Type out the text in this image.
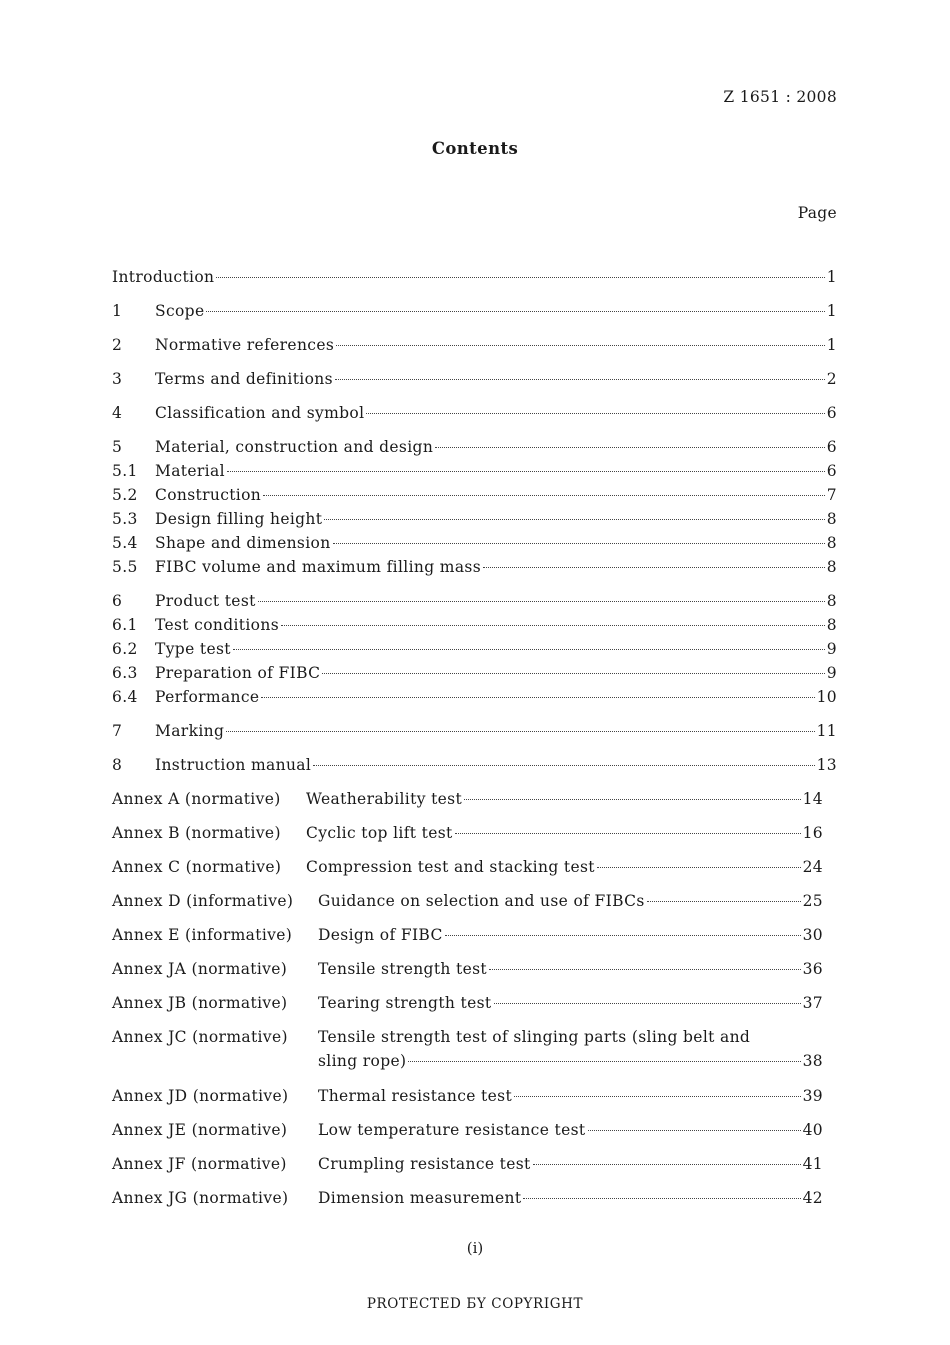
Z 1651 : 2008
Contents
Page
Introduction	1
1	Scope	1
2	Normative references	1
3	Terms and definitions	2
4	Classification and symbol	6
5	Material, construction and design	6
5.1	Material	6
5.2	Construction	7
5.3	Design filling height	8
5.4	Shape and dimension	8
5.5	FIBC volume and maximum filling mass	8
6	Product test	8
6.1	Test conditions	8
6.2	Type test	9
6.3	Preparation of FIBC	9
6.4	Performance	10
7	Marking	11
8	Instruction manual	13
Annex A (normative)	Weatherability test	14
Annex B (normative)	Cyclic top lift test	16
Annex C (normative)	Compression test and stacking test	24
Annex D (informative)	Guidance on selection and use of FIBCs	25
Annex E (informative)	Design of FIBC	30
Annex JA (normative)	Tensile strength test	36
Annex JB (normative)	Tearing strength test	37
Annex JC (normative)	Tensile strength test of slinging parts (sling belt and
sling rope)	38
Annex JD (normative)	Thermal resistance test	39
Annex JE (normative)	Low temperature resistance test	40
Annex JF (normative)	Crumpling resistance test	41
Annex JG (normative)	Dimension measurement	42
(i)
PROTECTED БY COPYRIGHT
